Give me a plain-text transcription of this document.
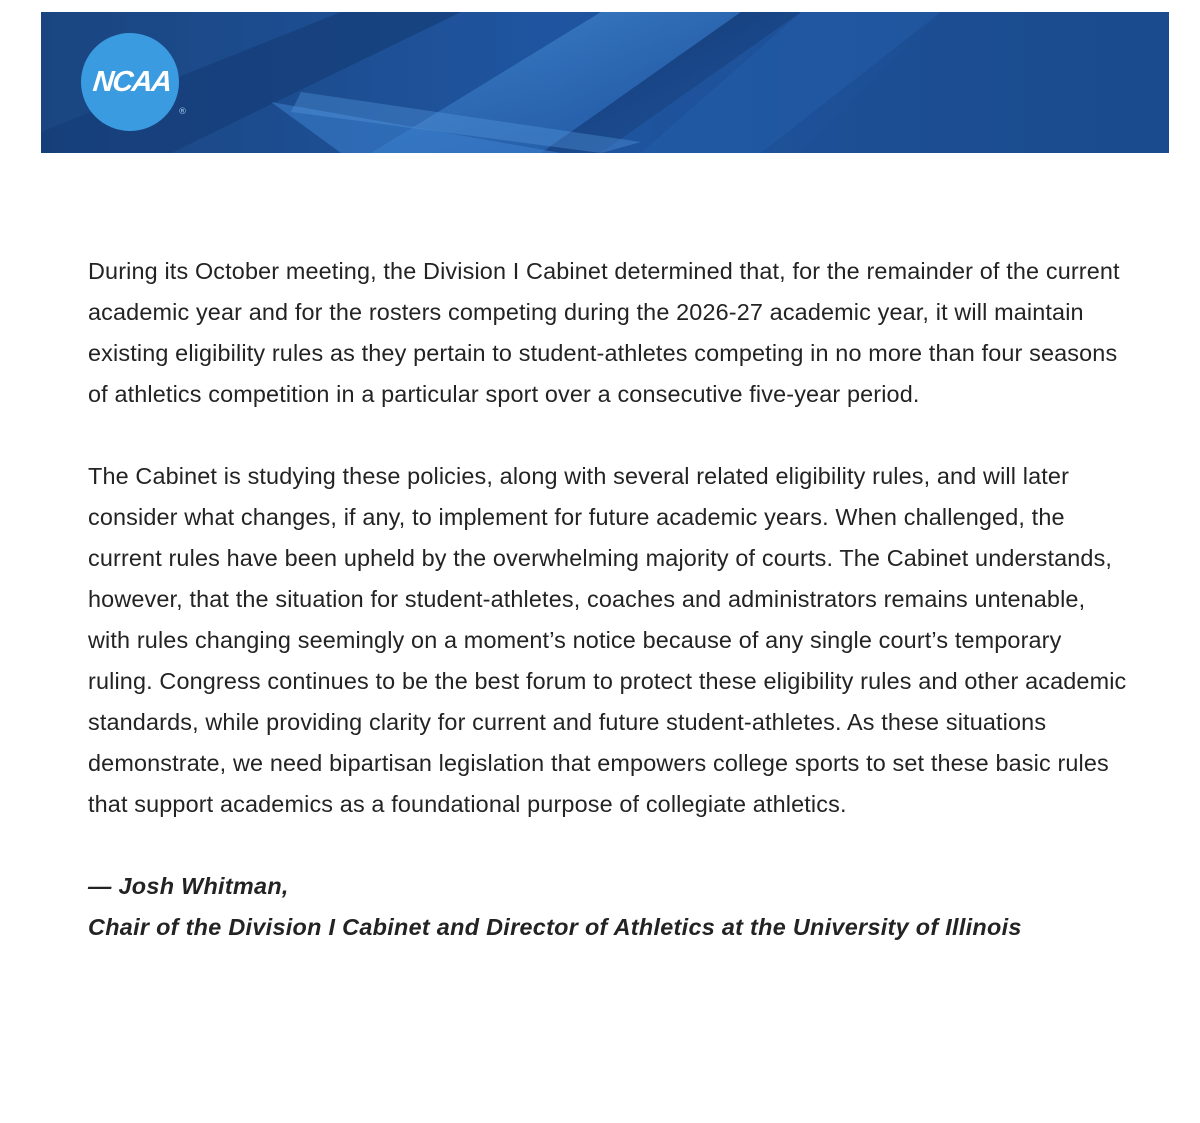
NCAA
®

During its October meeting, the Division I Cabinet determined that, for the remainder of the current academic year and for the rosters competing during the 2026-27 academic year, it will maintain existing eligibility rules as they pertain to student-athletes competing in no more than four seasons of athletics competition in a particular sport over a consecutive five-year period.

The Cabinet is studying these policies, along with several related eligibility rules, and will later consider what changes, if any, to implement for future academic years. When challenged, the current rules have been upheld by the overwhelming majority of courts. The Cabinet understands, however, that the situation for student-athletes, coaches and administrators remains untenable, with rules changing seemingly on a moment’s notice because of any single court’s temporary ruling. Congress continues to be the best forum to protect these eligibility rules and other academic standards, while providing clarity for current and future student-athletes. As these situations demonstrate, we need bipartisan legislation that empowers college sports to set these basic rules that support academics as a foundational purpose of collegiate athletics.

— Josh Whitman,
Chair of the Division I Cabinet and Director of Athletics at the University of Illinois
